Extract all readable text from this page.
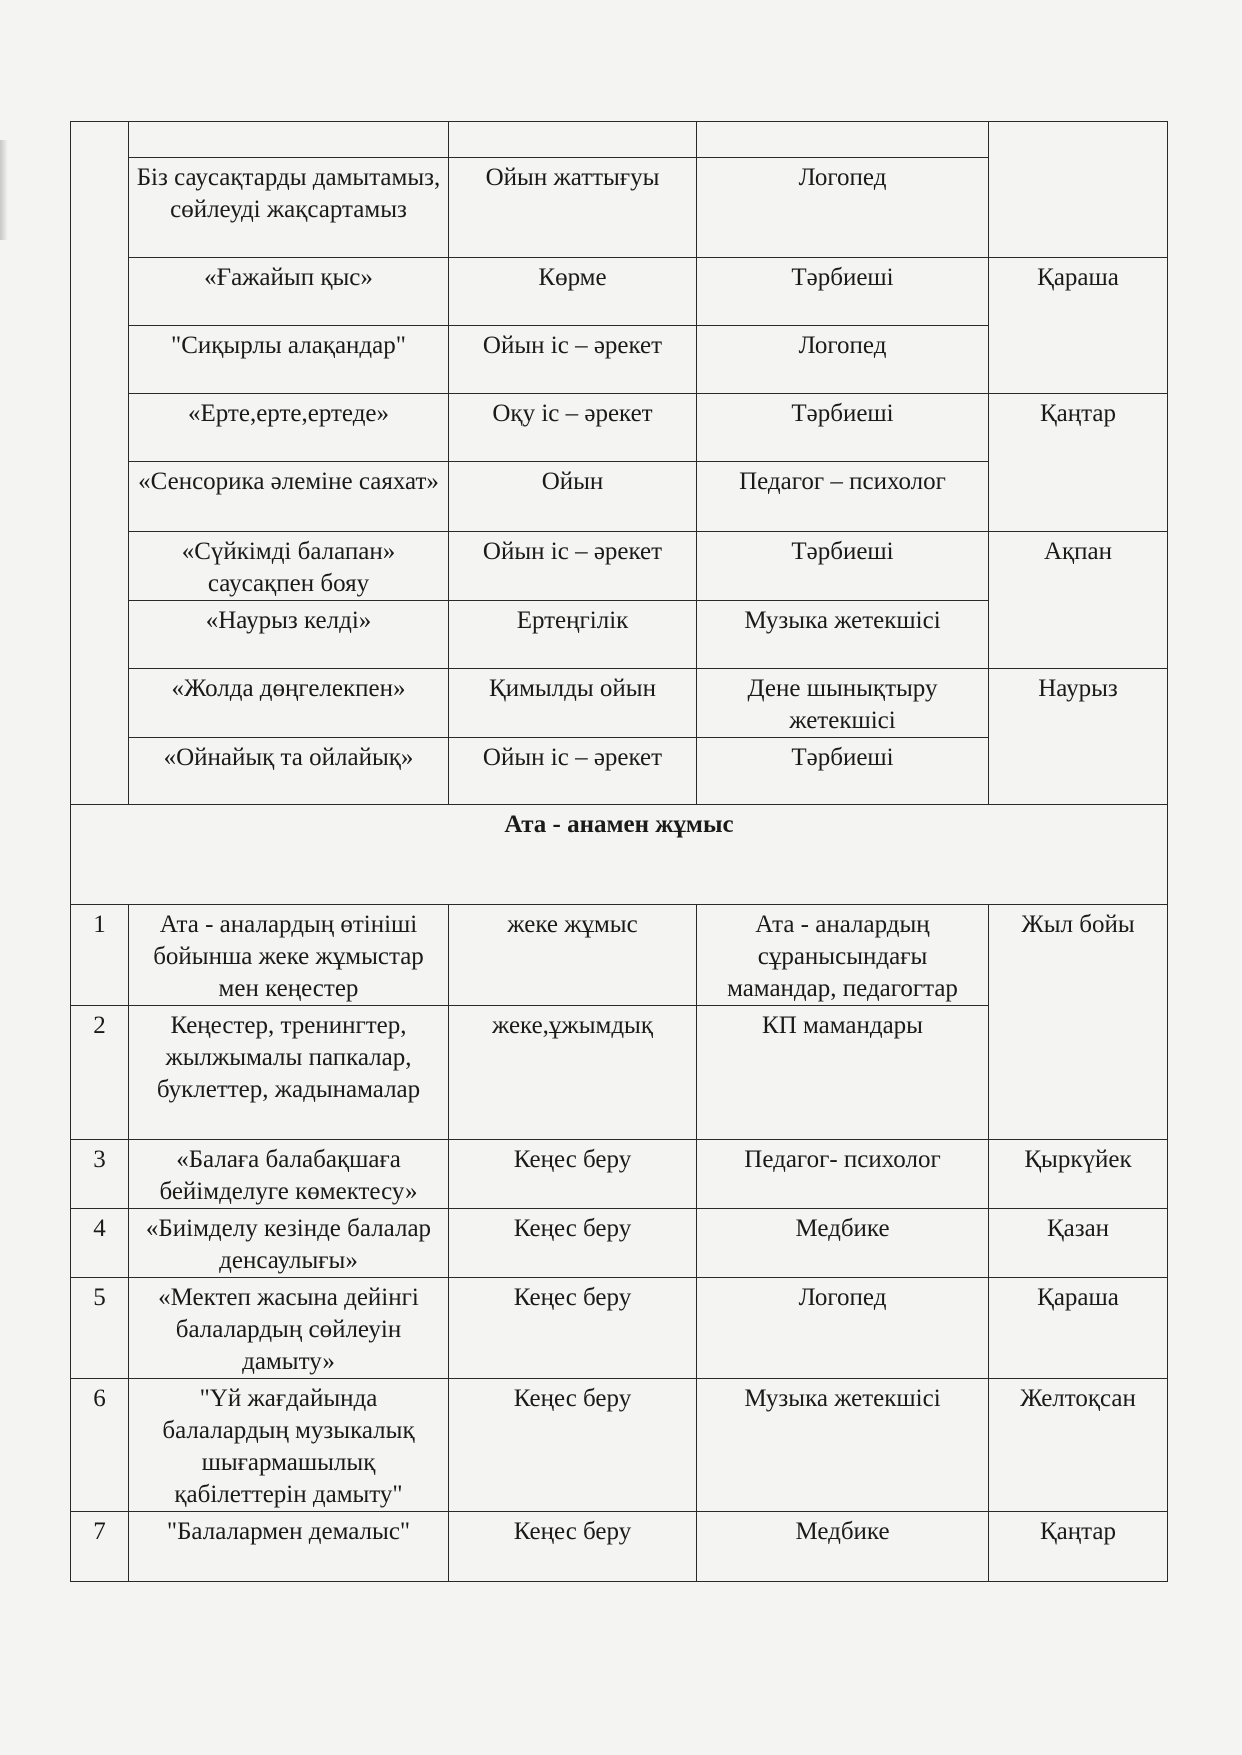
	Біз саусақтарды дамытамыз, сөйлеуді жақсартамыз	Ойын жаттығуы	Логопед	
	«Ғажайып қыс»	Көрме	Тәрбиеші	Қараша
	"Сиқырлы алақандар"	Ойын іс – әрекет	Логопед	
	«Ерте,ерте,ертеде»	Оқу іс – әрекет	Тәрбиеші	Қаңтар
	«Сенсорика әлеміне саяхат»	Ойын	Педагог – психолог	
	«Сүйкімді балапан» саусақпен бояу	Ойын іс – әрекет	Тәрбиеші	Ақпан
	«Наурыз келді»	Ертеңгілік	Музыка жетекшісі	
	«Жолда дөңгелекпен»	Қимылды ойын	Дене шынықтыру жетекшісі	Наурыз
	«Ойнайық та ойлайық»	Ойын іс – әрекет	Тәрбиеші	
Ата - анамен жұмыс				
1	Ата - аналардың өтініші бойынша жеке жұмыстар мен кеңестер	жеке жұмыс	Ата - аналардың сұранысындағы мамандар, педагогтар	Жыл бойы
2	Кеңестер, тренингтер, жылжымалы папкалар, буклеттер, жадынамалар	жеке,ұжымдық	КП мамандары	
3	«Балаға балабақшаға бейімделуге көмектесу»	Кеңес беру	Педагог- психолог	Қыркүйек
4	«Биімделу кезінде балалар денсаулығы»	Кеңес беру	Медбике	Қазан
5	«Мектеп жасына дейінгі балалардың сөйлеуін дамыту»	Кеңес беру	Логопед	Қараша
6	"Үй жағдайында балалардың музыкалық шығармашылық қабілеттерін дамыту"	Кеңес беру	Музыка жетекшісі	Желтоқсан
7	"Балалармен демалыс"	Кеңес беру	Медбике	Қаңтар
